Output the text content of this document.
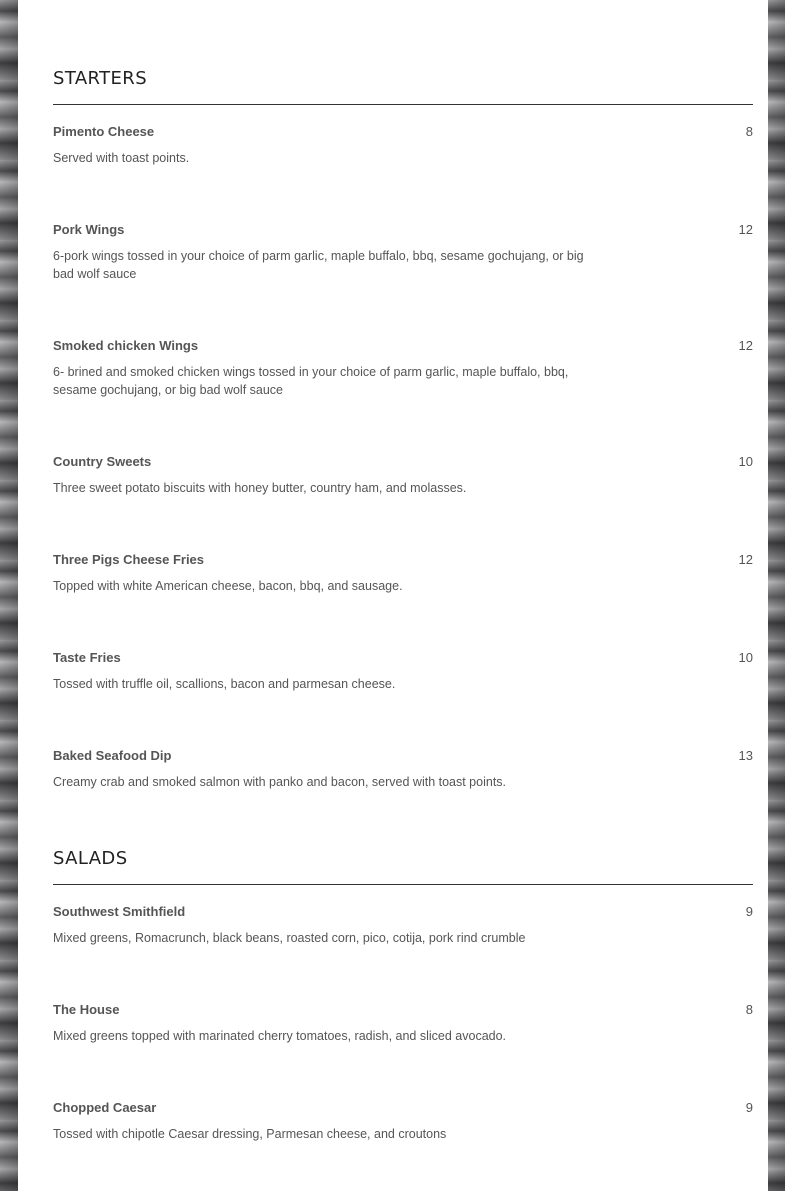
STARTERS
Pimento Cheese	8
Served with toast points.
Pork Wings	12
6-pork wings tossed in your choice of parm garlic, maple buffalo, bbq, sesame gochujang, or big bad wolf sauce
Smoked chicken Wings	12
6- brined and smoked chicken wings tossed in your choice of parm garlic, maple buffalo, bbq, sesame gochujang, or big bad wolf sauce
Country Sweets	10
Three sweet potato biscuits with honey butter, country ham, and molasses.
Three Pigs Cheese Fries	12
Topped with white American cheese, bacon, bbq, and sausage.
Taste Fries	10
Tossed with truffle oil, scallions, bacon and parmesan cheese.
Baked Seafood Dip	13
Creamy crab and smoked salmon with panko and bacon, served with toast points.
SALADS
Southwest Smithfield	9
Mixed greens, Romacrunch, black beans, roasted corn, pico, cotija, pork rind crumble
The House	8
Mixed greens topped with marinated cherry tomatoes, radish, and sliced avocado.
Chopped Caesar	9
Tossed with chipotle Caesar dressing, Parmesan cheese, and croutons
